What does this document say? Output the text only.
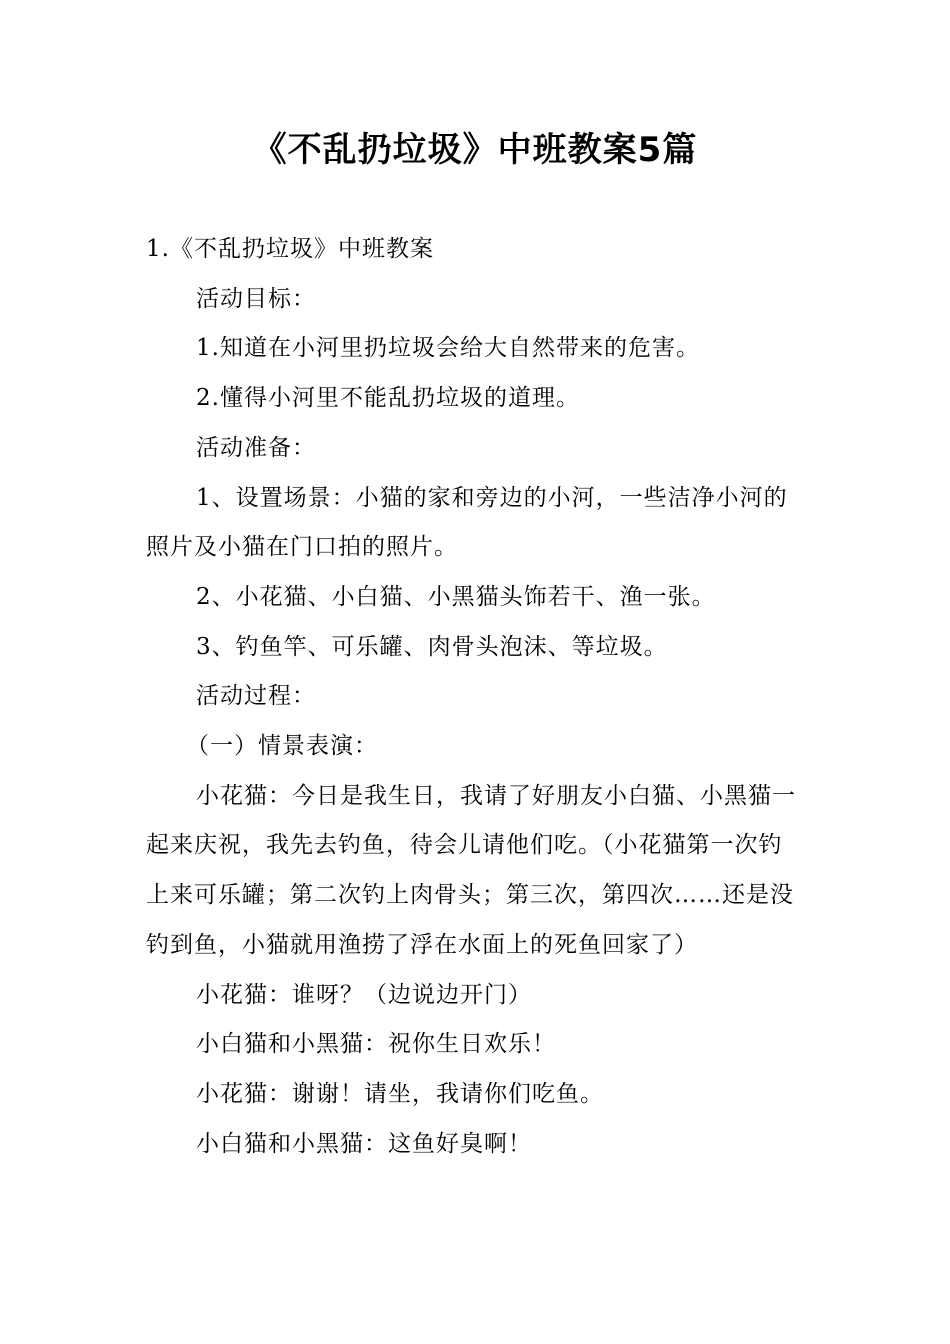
《不乱扔垃圾》中班教案5篇

1.《不乱扔垃圾》中班教案

活动目标：

1.知道在小河里扔垃圾会给大自然带来的危害。

2.懂得小河里不能乱扔垃圾的道理。

活动准备：

1、设置场景：小猫的家和旁边的小河，一些洁净小河的照片及小猫在门口拍的照片。

2、小花猫、小白猫、小黑猫头饰若干、渔一张。

3、钓鱼竿、可乐罐、肉骨头泡沫、等垃圾。

活动过程：

（一）情景表演：

小花猫：今日是我生日，我请了好朋友小白猫、小黑猫一起来庆祝，我先去钓鱼，待会儿请他们吃。（小花猫第一次钓上来可乐罐；第二次钓上肉骨头；第三次，第四次……还是没钓到鱼，小猫就用渔捞了浮在水面上的死鱼回家了）

小花猫：谁呀？（边说边开门）

小白猫和小黑猫：祝你生日欢乐！

小花猫：谢谢！请坐，我请你们吃鱼。

小白猫和小黑猫：这鱼好臭啊！
